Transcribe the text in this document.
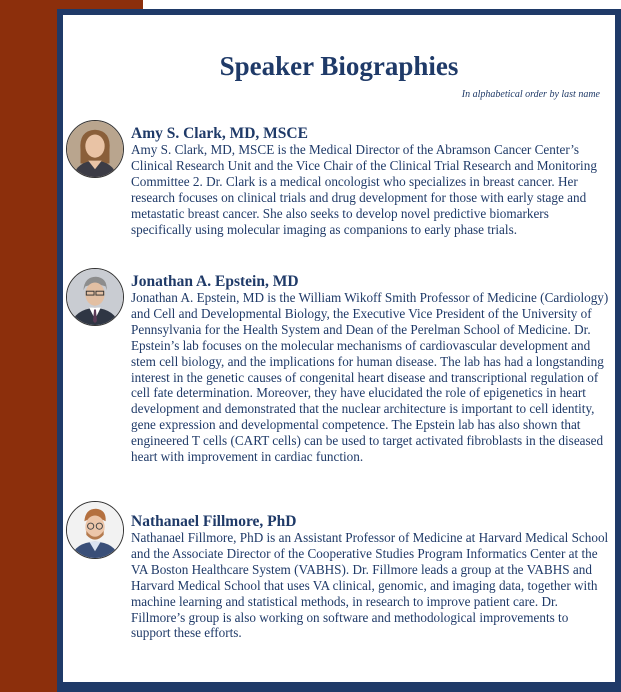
Speaker Biographies
In alphabetical order by last name
Amy S. Clark, MD, MSCE

Amy S. Clark, MD, MSCE is the Medical Director of the Abramson Cancer Center’s Clinical Research Unit and the Vice Chair of the Clinical Trial Research and Monitoring Committee 2. Dr. Clark is a medical oncologist who specializes in breast cancer. Her research focuses on clinical trials and drug development for those with early stage and metastatic breast cancer. She also seeks to develop novel predictive biomarkers specifically using molecular imaging as companions to early phase trials.

Jonathan A. Epstein, MD

Jonathan A. Epstein, MD is the William Wikoff Smith Professor of Medicine (Cardiology) and Cell and Developmental Biology, the Executive Vice President of the University of Pennsylvania for the Health System and Dean of the Perelman School of Medicine. Dr. Epstein’s lab focuses on the molecular mechanisms of cardiovascular development and stem cell biology, and the implications for human disease. The lab has had a longstanding interest in the genetic causes of congenital heart disease and transcriptional regulation of cell fate determination. Moreover, they have elucidated the role of epigenetics in heart development and demonstrated that the nuclear architecture is important to cell identity, gene expression and developmental competence. The Epstein lab has also shown that engineered T cells (CART cells) can be used to target activated fibroblasts in the diseased heart with improvement in cardiac function.

Nathanael Fillmore, PhD

Nathanael Fillmore, PhD is an Assistant Professor of Medicine at Harvard Medical School and the Associate Director of the Cooperative Studies Program Informatics Center at the VA Boston Healthcare System (VABHS). Dr. Fillmore leads a group at the VABHS and Harvard Medical School that uses VA clinical, genomic, and imaging data, together with machine learning and statistical methods, in research to improve patient care. Dr. Fillmore’s group is also working on software and methodological improvements to support these efforts.
